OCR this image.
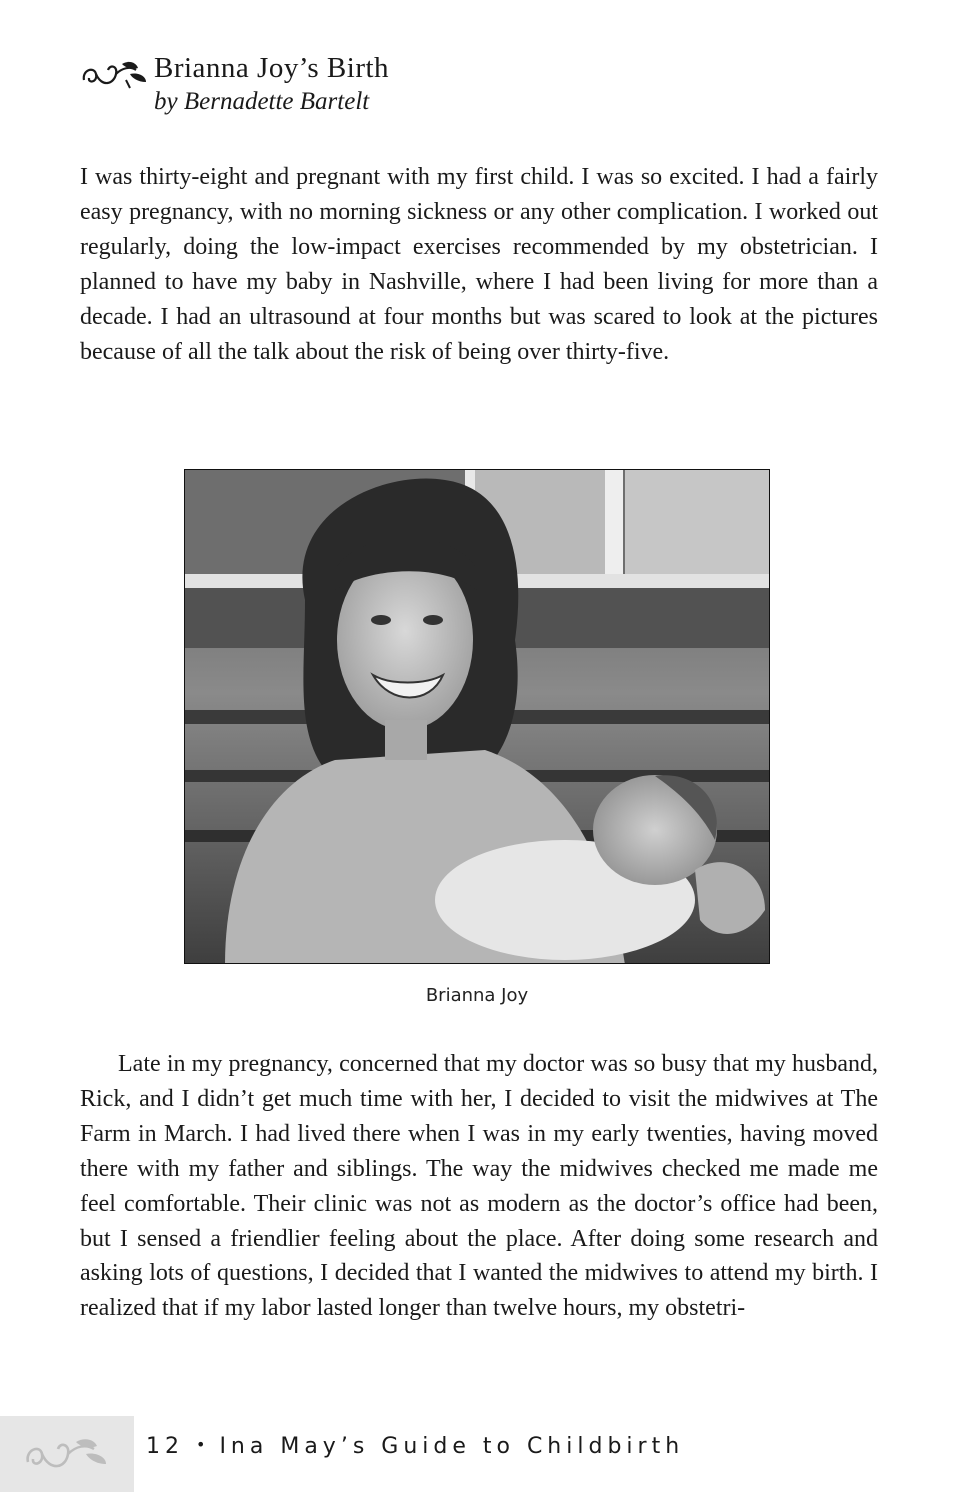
Brianna Joy’s Birth
by Bernadette Bartelt

I was thirty-eight and pregnant with my first child. I was so excited. I had a fairly easy pregnancy, with no morning sickness or any other complication. I worked out regularly, doing the low-impact exercises recommended by my obstetrician. I planned to have my baby in Nashville, where I had been living for more than a decade. I had an ultrasound at four months but was scared to look at the pictures because of all the talk about the risk of being over thirty-five.

Brianna Joy

Late in my pregnancy, concerned that my doctor was so busy that my husband, Rick, and I didn’t get much time with her, I decided to visit the midwives at The Farm in March. I had lived there when I was in my early twenties, having moved there with my father and siblings. The way the midwives checked me made me feel comfortable. Their clinic was not as modern as the doctor’s office had been, but I sensed a friendlier feeling about the place. After doing some research and asking lots of questions, I decided that I wanted the midwives to attend my birth. I realized that if my labor lasted longer than twelve hours, my obstetri-

12 • Ina May’s Guide to Childbirth
